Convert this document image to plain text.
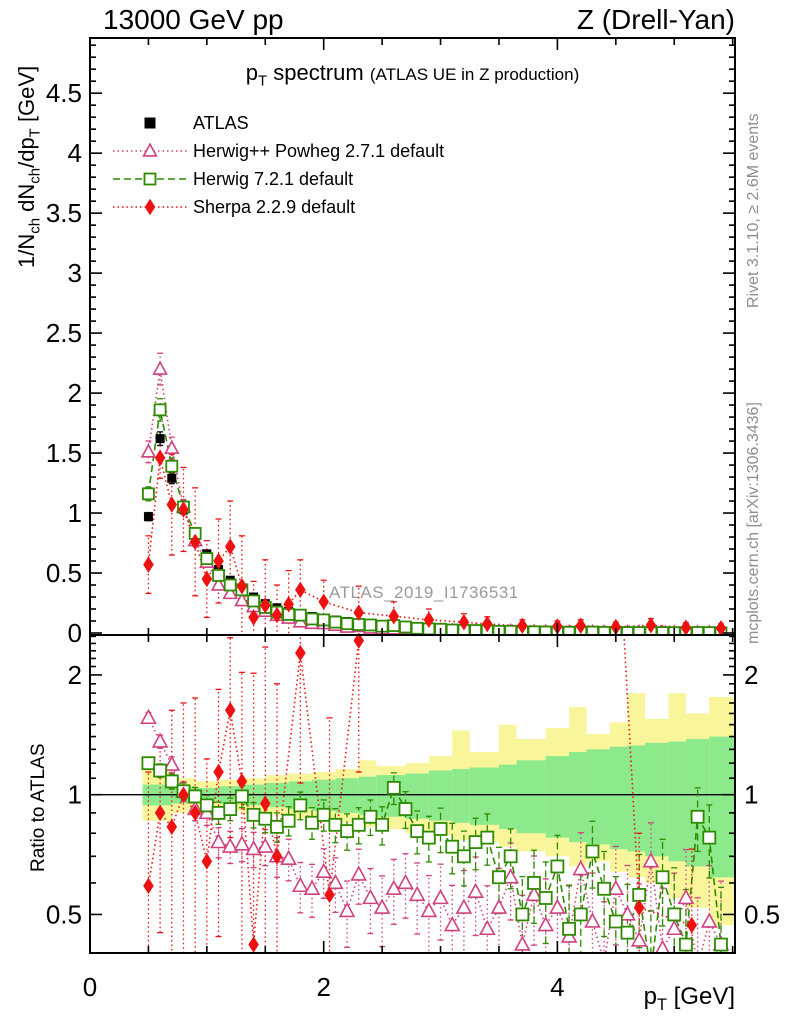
13000 GeV pp	Z (Drell-Yan)
$p_T$ spectrum (ATLAS UE in Z production)
$1/N_{ch}$ $dN_{ch}/dp_T$ [GeV]
Ratio to ATLAS
$p_T$ [GeV]
Rivet 3.1.10, ≥ 2.6M events
mcplots.cern.ch [arXiv:1306.3436]
ATLAS_2019_I1736531
0
0.5
1
1.5
2
2.5
3
3.5
4
4.5
0.5	0.5
1	1
2	2
0	2	4
ATLAS
Herwig++ Powheg 2.7.1 default
Herwig 7.2.1 default
Sherpa 2.2.9 default
